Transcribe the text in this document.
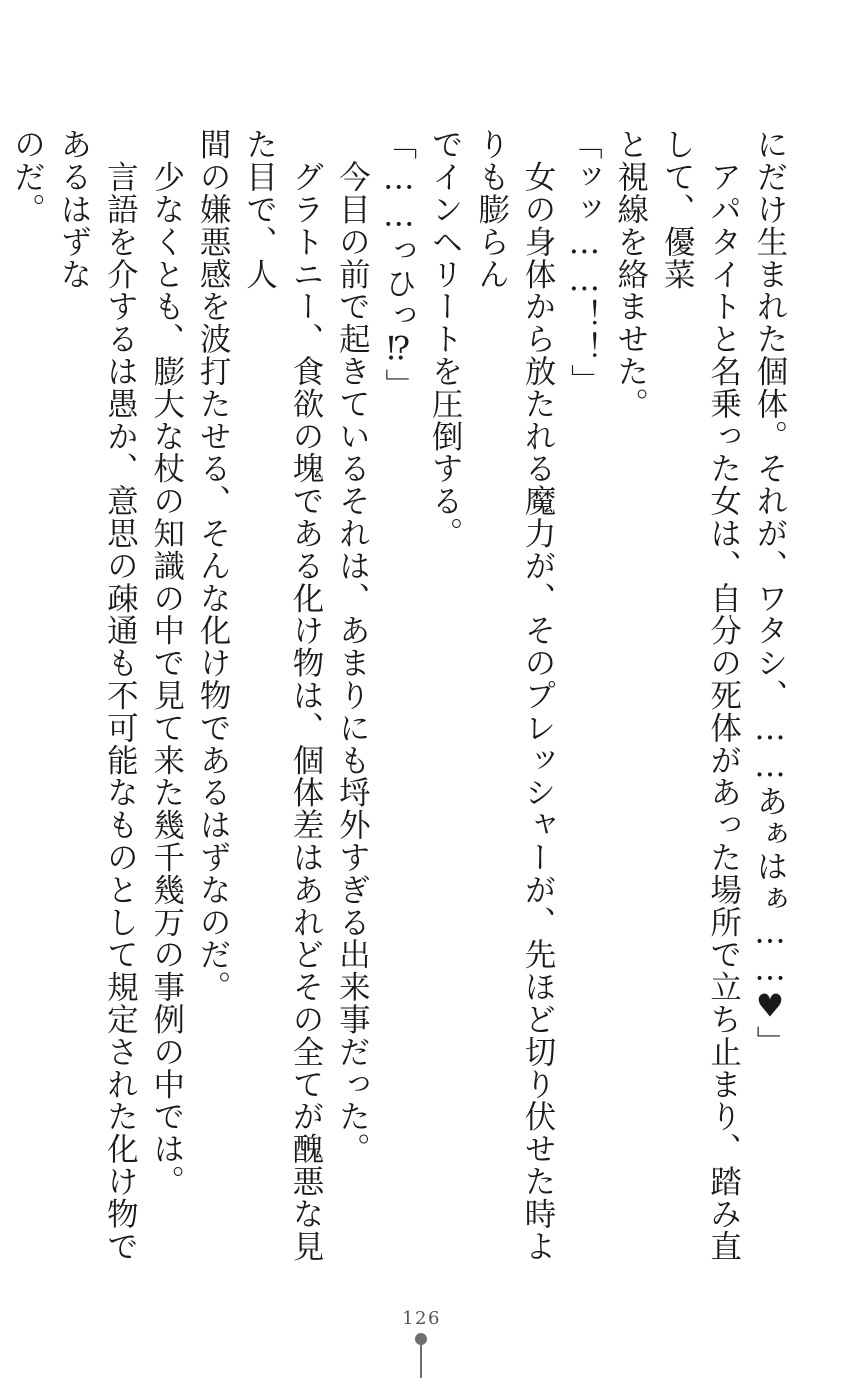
にだけ生まれた個体。それが、ワタシ、……あぁはぁ……♥」

　アパタイトと名乗った女は、自分の死体があった場所で立ち止まり、踏み直して、優菜

と視線を絡ませた。

「ッッ……！！」

　女の身体から放たれる魔力が、そのプレッシャーが、先ほど切り伏せた時よりも膨らん

でインヘリートを圧倒する。

「……っひっ⁉」

　今目の前で起きているそれは、あまりにも埒外すぎる出来事だった。

　グラトニー、食欲の塊である化け物は、個体差はあれどその全てが醜悪な見た目で、人

間の嫌悪感を波打たせる、そんな化け物であるはずなのだ。

　少なくとも、膨大な杖の知識の中で見て来た幾千幾万の事例の中では。

　言語を介するは愚か、意思の疎通も不可能なものとして規定された化け物であるはずな

のだ。

126
